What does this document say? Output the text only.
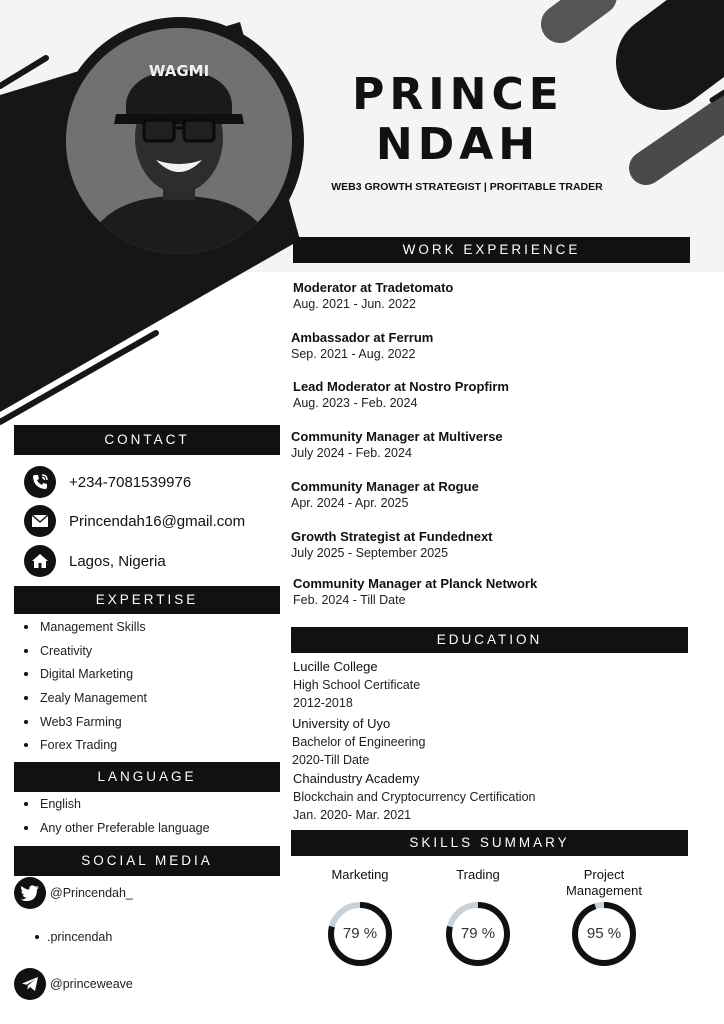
WAGMI	PRINCE
NDAH
WEB3 GROWTH STRATEGIST | PROFITABLE TRADER
WORK EXPERIENCE
Moderator at Tradetomato
Aug. 2021 - Jun. 2022
Ambassador at Ferrum
Sep. 2021 - Aug. 2022
Lead Moderator at Nostro Propfirm
Aug. 2023 - Feb. 2024
Community Manager at Multiverse
July 2024 - Feb. 2024
Community Manager at Rogue
Apr. 2024 - Apr. 2025
Growth Strategist at Fundednext
July 2025 - September 2025
Community Manager at Planck Network
Feb. 2024 - Till Date
EDUCATION
Lucille College
High School Certificate
2012-2018
University of Uyo
Bachelor of Engineering
2020-Till Date
Chaindustry Academy
Blockchain and Cryptocurrency Certification
Jan. 2020- Mar. 2021
SKILLS SUMMARY
Marketing
79 %
Trading
79 %
Project Management
95 %
CONTACT
+234-7081539976
Princendah16@gmail.com
Lagos, Nigeria
EXPERTISE
Management Skills
Creativity
Digital Marketing
Zealy Management
Web3 Farming
Forex Trading
LANGUAGE
English
Any other Preferable language
SOCIAL MEDIA
@Princendah_
.princendah
@princeweave
